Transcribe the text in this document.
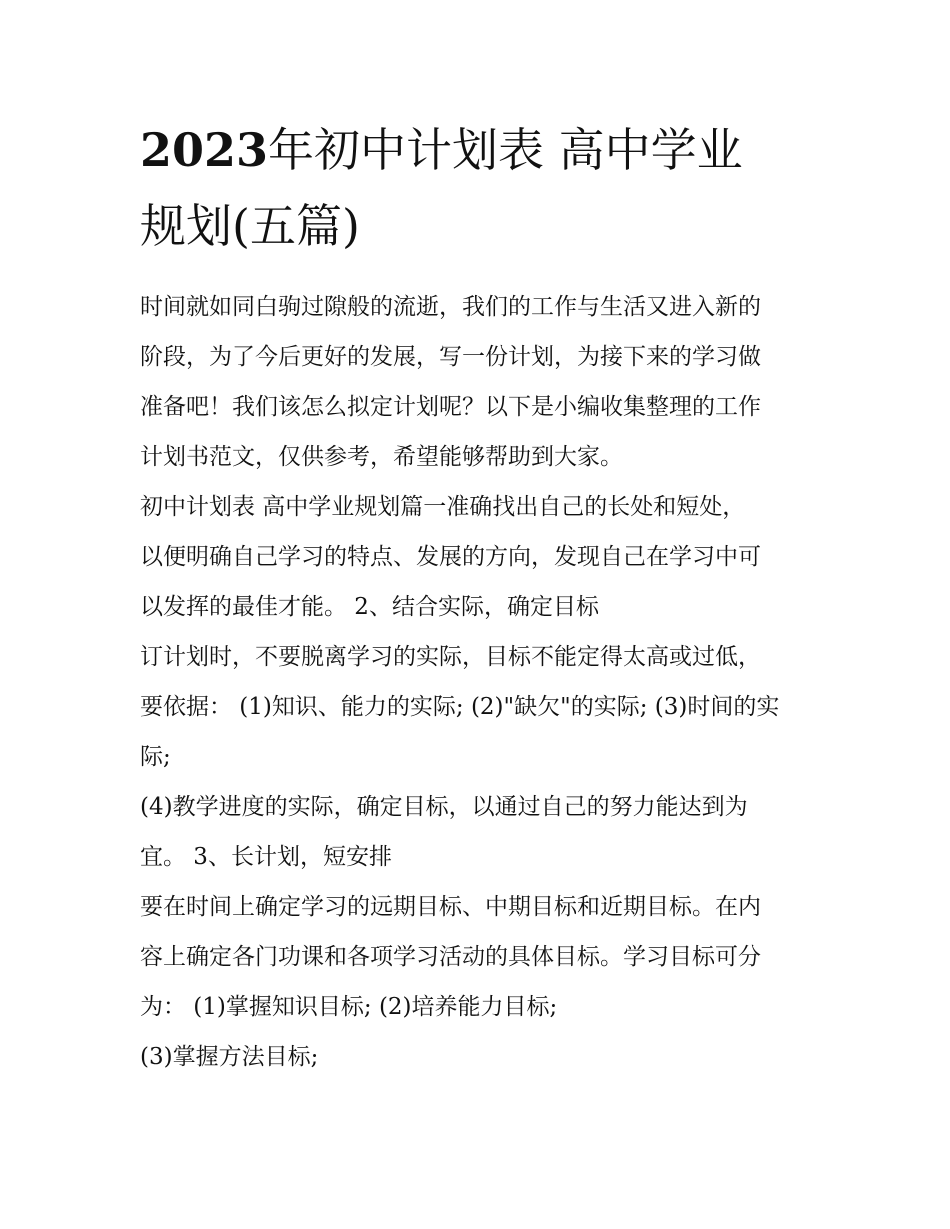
2023年初中计划表 高中学业
规划(五篇)

时间就如同白驹过隙般的流逝，我们的工作与生活又进入新的
阶段，为了今后更好的发展，写一份计划，为接下来的学习做
准备吧！我们该怎么拟定计划呢？以下是小编收集整理的工作
计划书范文，仅供参考，希望能够帮助到大家。

初中计划表 高中学业规划篇一准确找出自己的长处和短处，
以便明确自己学习的特点、发展的方向，发现自己在学习中可
以发挥的最佳才能。 2、结合实际，确定目标

订计划时，不要脱离学习的实际，目标不能定得太高或过低，
要依据： (1)知识、能力的实际; (2)"缺欠"的实际; (3)时间的实
际;

(4)教学进度的实际，确定目标，以通过自己的努力能达到为
宜。 3、长计划，短安排

要在时间上确定学习的远期目标、中期目标和近期目标。在内
容上确定各门功课和各项学习活动的具体目标。学习目标可分
为： (1)掌握知识目标; (2)培养能力目标;

(3)掌握方法目标;
